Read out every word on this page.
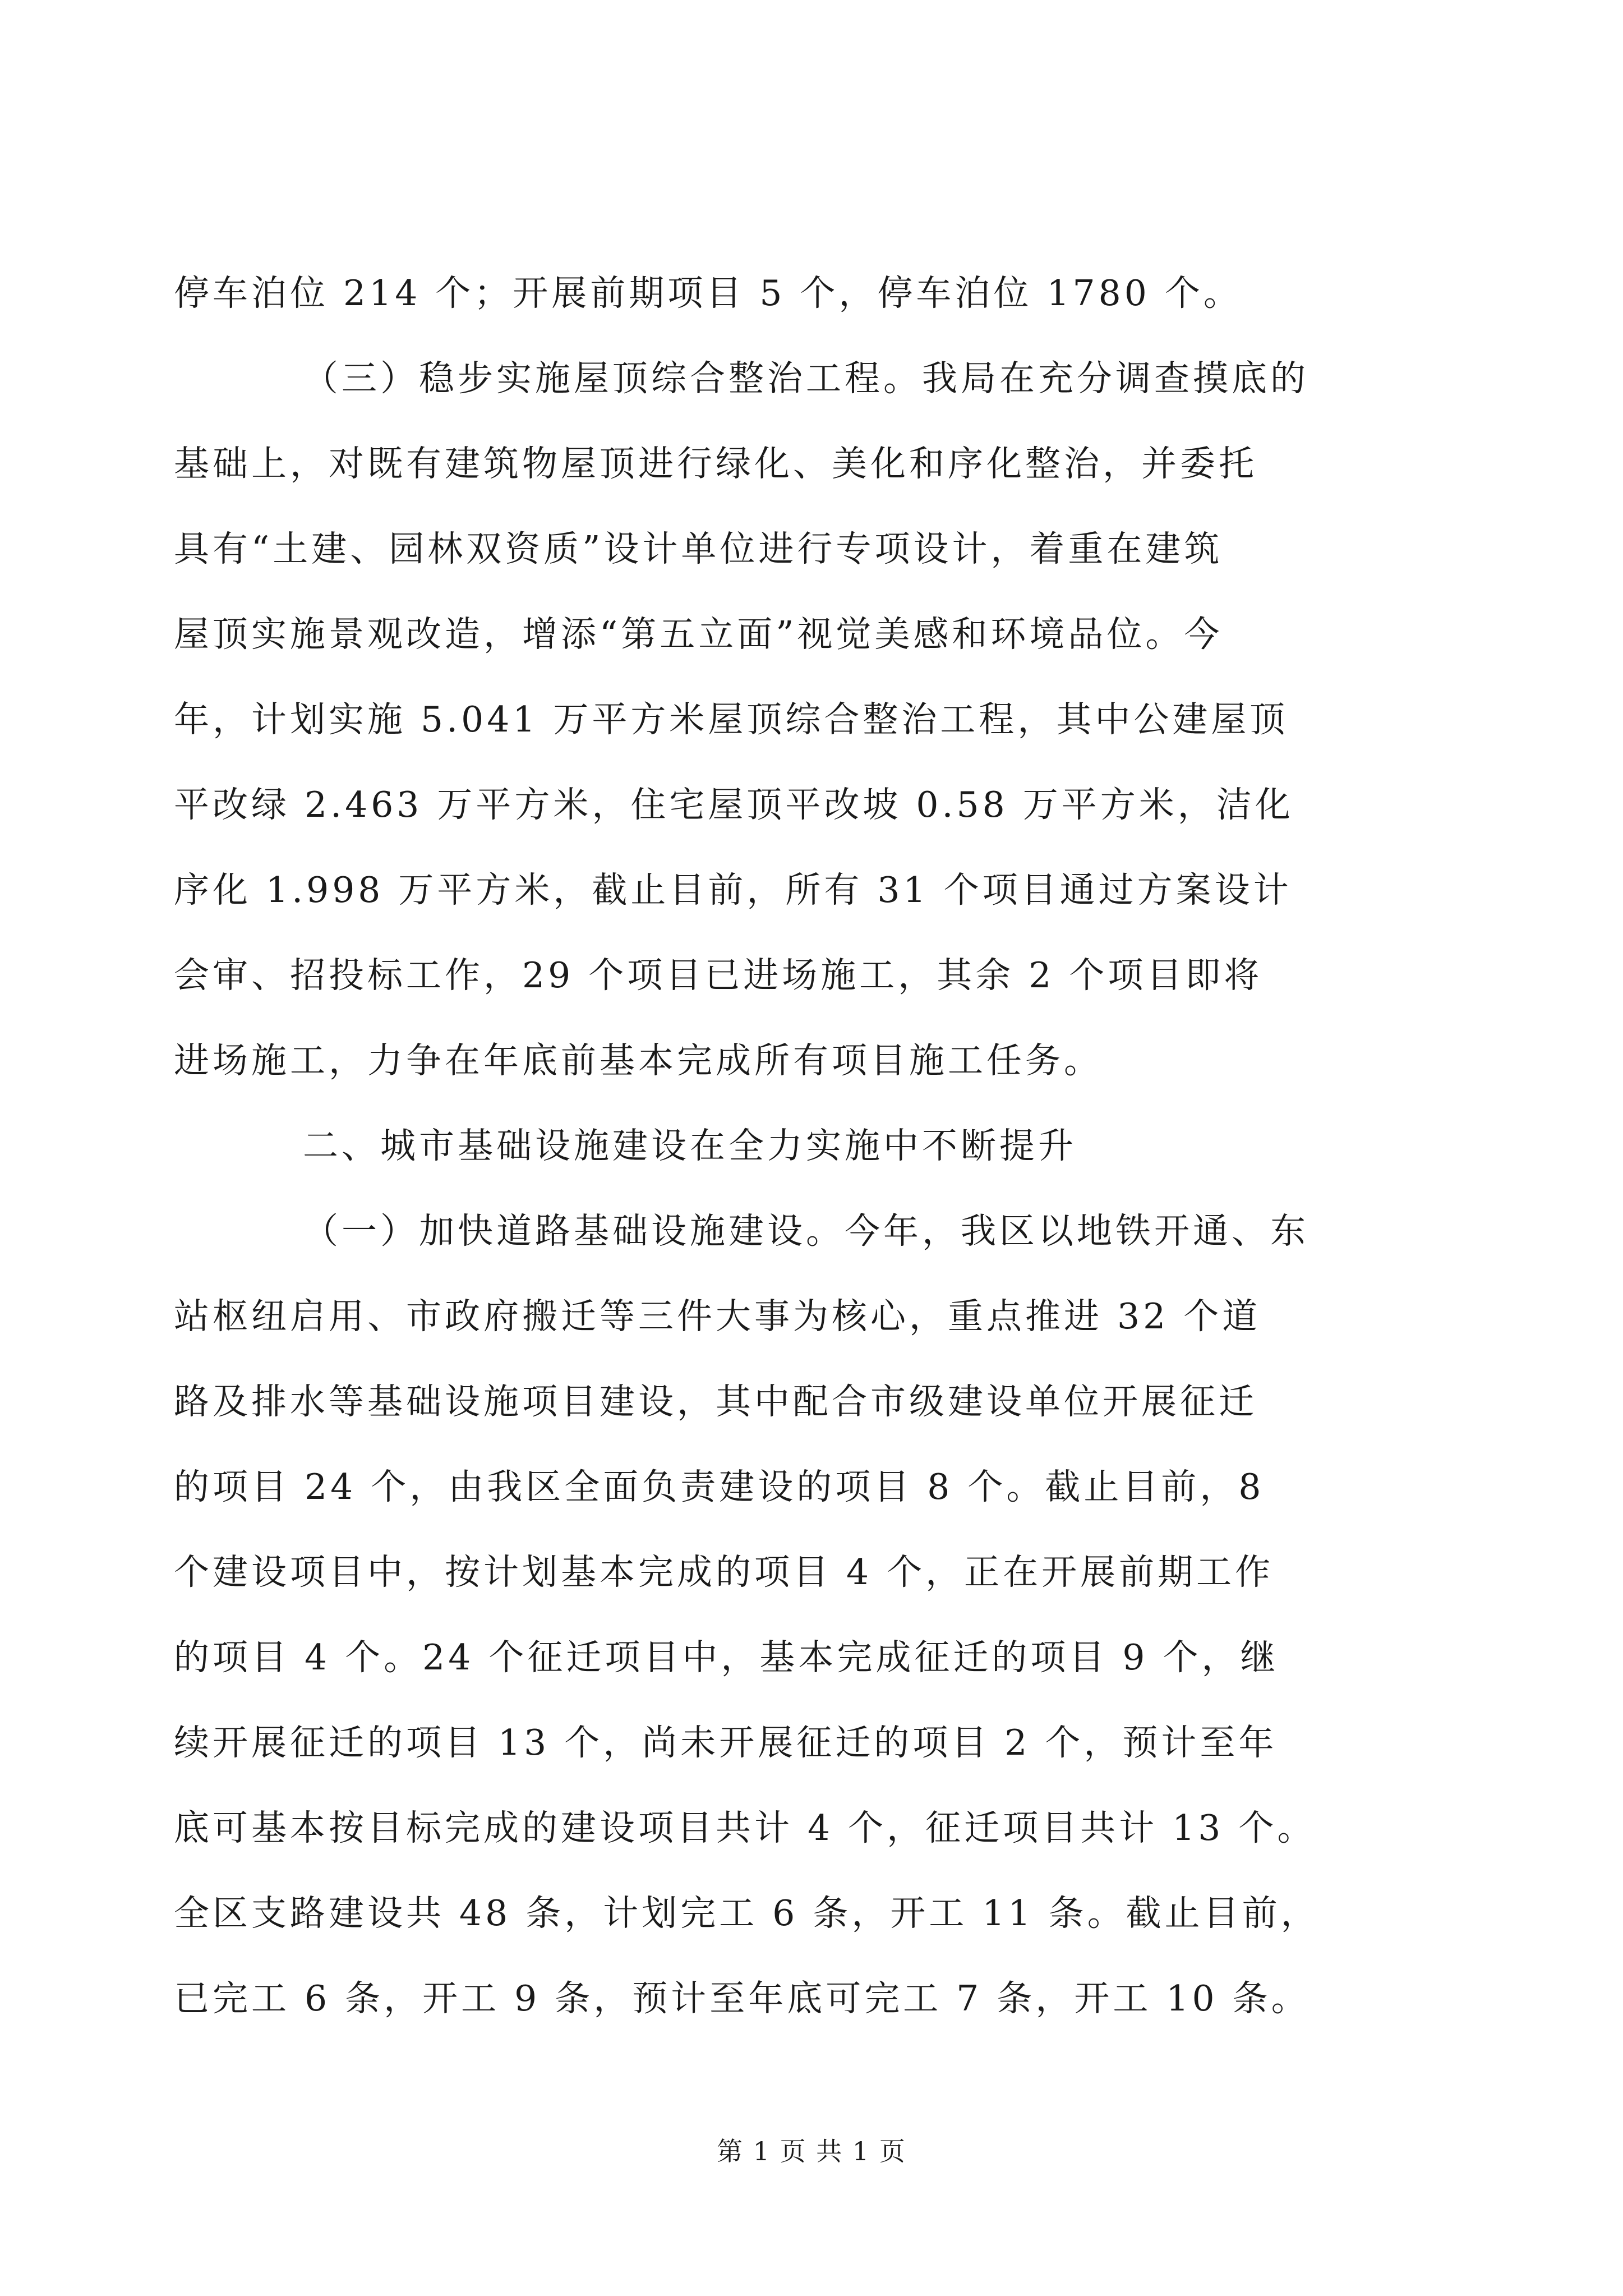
停车泊位 214 个；开展前期项目 5 个，停车泊位 1780 个。
（三）稳步实施屋顶综合整治工程。我局在充分调查摸底的
基础上，对既有建筑物屋顶进行绿化、美化和序化整治，并委托
具有“土建、园林双资质”设计单位进行专项设计，着重在建筑
屋顶实施景观改造，增添“第五立面”视觉美感和环境品位。今
年，计划实施 5.041 万平方米屋顶综合整治工程，其中公建屋顶
平改绿 2.463 万平方米，住宅屋顶平改坡 0.58 万平方米，洁化
序化 1.998 万平方米，截止目前，所有 31 个项目通过方案设计
会审、招投标工作，29 个项目已进场施工，其余 2 个项目即将
进场施工，力争在年底前基本完成所有项目施工任务。
二、城市基础设施建设在全力实施中不断提升
（一）加快道路基础设施建设。今年，我区以地铁开通、东
站枢纽启用、市政府搬迁等三件大事为核心，重点推进 32 个道
路及排水等基础设施项目建设，其中配合市级建设单位开展征迁
的项目 24 个，由我区全面负责建设的项目 8 个。截止目前，8
个建设项目中，按计划基本完成的项目 4 个，正在开展前期工作
的项目 4 个。24 个征迁项目中，基本完成征迁的项目 9 个，继
续开展征迁的项目 13 个，尚未开展征迁的项目 2 个，预计至年
底可基本按目标完成的建设项目共计 4 个，征迁项目共计 13 个。
全区支路建设共 48 条，计划完工 6 条，开工 11 条。截止目前，
已完工 6 条，开工 9 条，预计至年底可完工 7 条，开工 10 条。
第 1 页 共 1 页
